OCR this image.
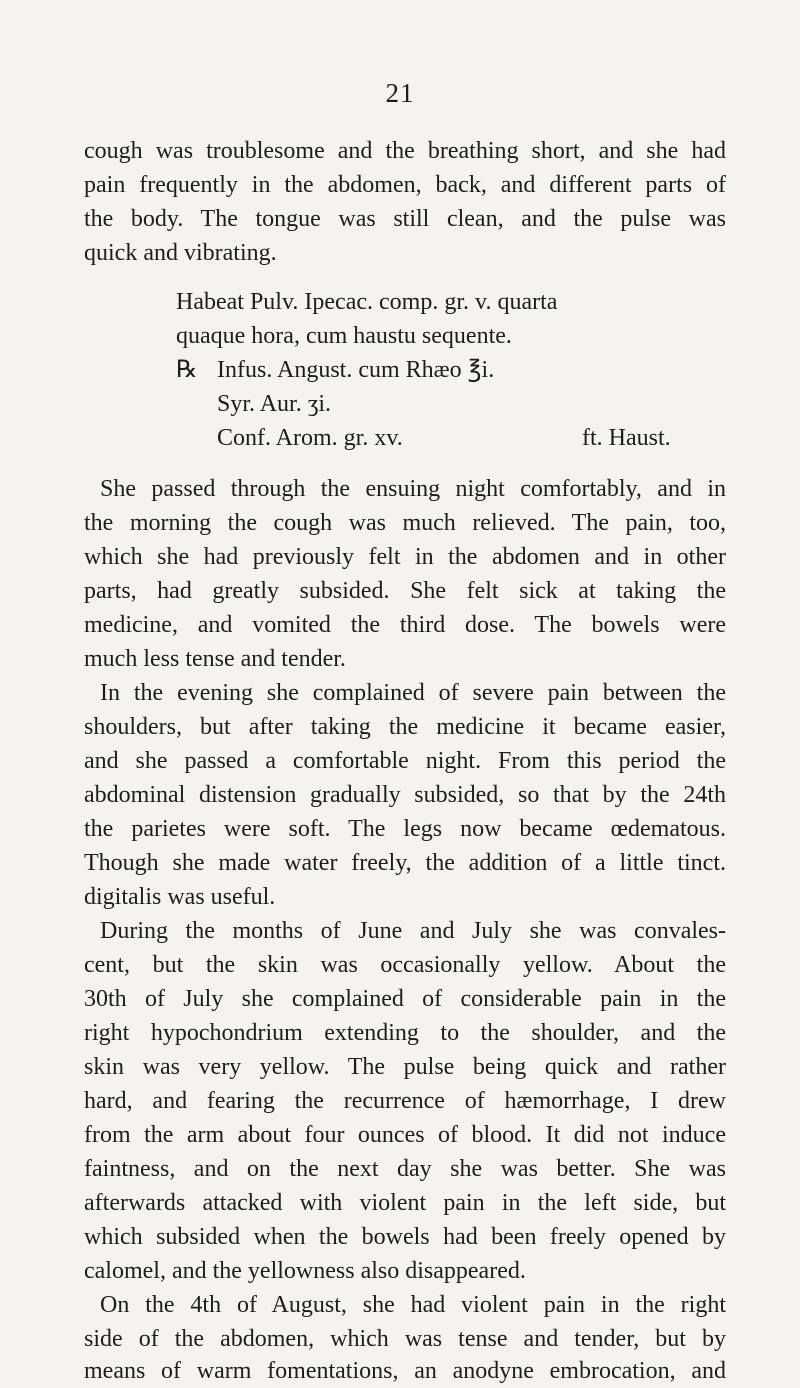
21
cough was troublesome and the breathing short, and she had
pain frequently in the abdomen, back, and different parts of
the body. The tongue was still clean, and the pulse was
quick and vibrating.
Habeat Pulv. Ipecac. comp. gr. v. quarta
quaque hora, cum haustu sequente.
℞ Infus. Angust. cum Rhæo ℥i.
Syr. Aur. ʒi.
Conf. Arom. gr. xv.	ft. Haust.
She passed through the ensuing night comfortably, and in
the morning the cough was much relieved. The pain, too,
which she had previously felt in the abdomen and in other
parts, had greatly subsided. She felt sick at taking the
medicine, and vomited the third dose. The bowels were
much less tense and tender.
In the evening she complained of severe pain between the
shoulders, but after taking the medicine it became easier,
and she passed a comfortable night. From this period the
abdominal distension gradually subsided, so that by the 24th
the parietes were soft. The legs now became œdematous.
Though she made water freely, the addition of a little tinct.
digitalis was useful.
During the months of June and July she was convales-
cent, but the skin was occasionally yellow. About the
30th of July she complained of considerable pain in the
right hypochondrium extending to the shoulder, and the
skin was very yellow. The pulse being quick and rather
hard, and fearing the recurrence of hæmorrhage, I drew
from the arm about four ounces of blood. It did not induce
faintness, and on the next day she was better. She was
afterwards attacked with violent pain in the left side, but
which subsided when the bowels had been freely opened by
calomel, and the yellowness also disappeared.
On the 4th of August, she had violent pain in the right
side of the abdomen, which was tense and tender, but by
means of warm fomentations, an anodyne embrocation, and
